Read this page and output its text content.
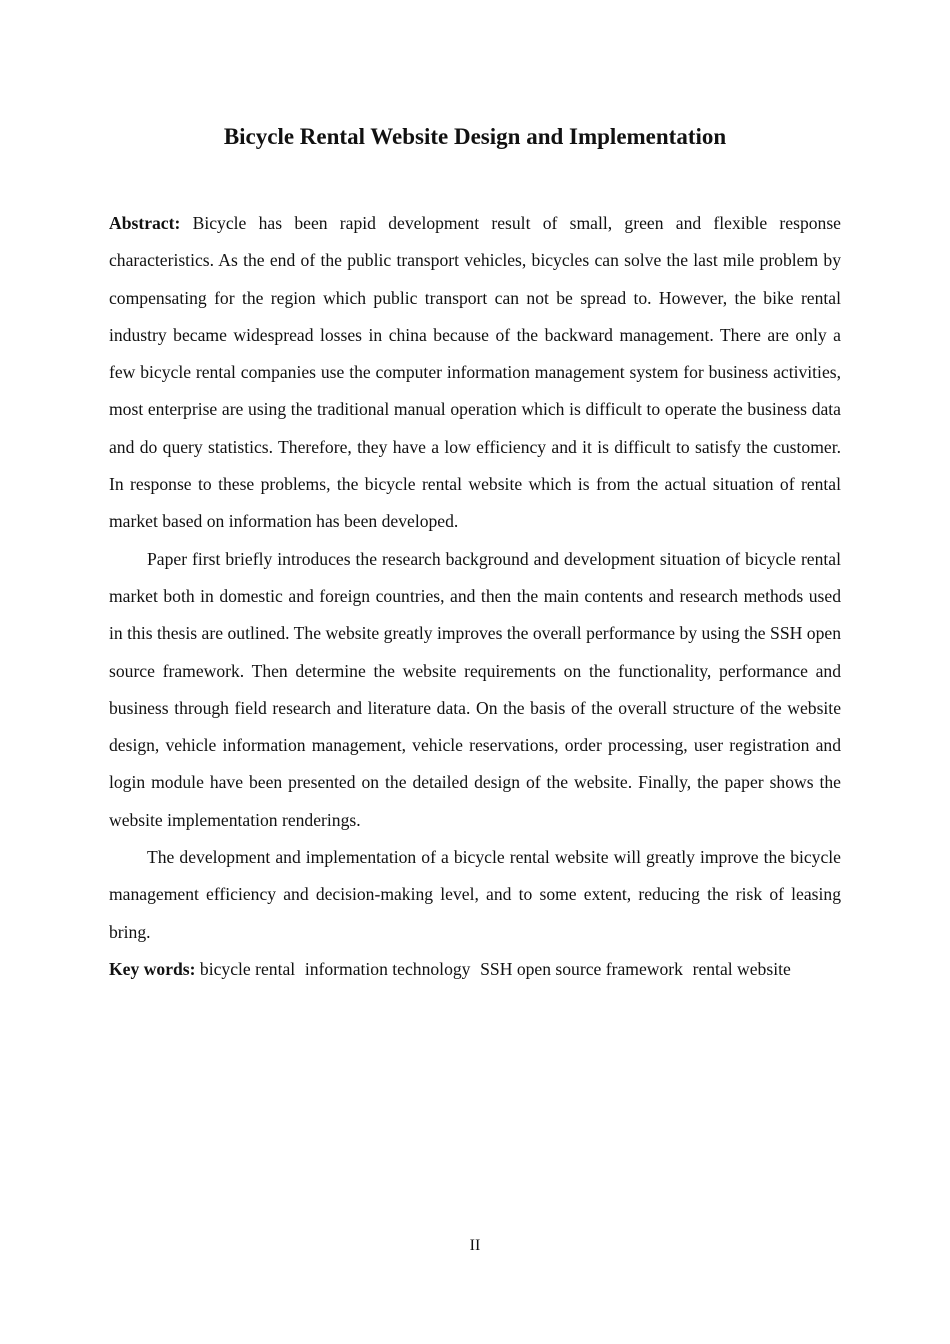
Bicycle Rental Website Design and Implementation

Abstract: Bicycle has been rapid development result of small, green and flexible response characteristics. As the end of the public transport vehicles, bicycles can solve the last mile problem by compensating for the region which public transport can not be spread to. However, the bike rental industry became widespread losses in china because of the backward management. There are only a few bicycle rental companies use the computer information management system for business activities, most enterprise are using the traditional manual operation which is difficult to operate the business data and do query statistics. Therefore, they have a low efficiency and it is difficult to satisfy the customer. In response to these problems, the bicycle rental website which is from the actual situation of rental market based on information has been developed.

Paper first briefly introduces the research background and development situation of bicycle rental market both in domestic and foreign countries, and then the main contents and research methods used in this thesis are outlined. The website greatly improves the overall performance by using the SSH open source framework. Then determine the website requirements on the functionality, performance and business through field research and literature data. On the basis of the overall structure of the website design, vehicle information management, vehicle reservations, order processing, user registration and login module have been presented on the detailed design of the website. Finally, the paper shows the website implementation renderings.

The development and implementation of a bicycle rental website will greatly improve the bicycle management efficiency and decision-making level, and to some extent, reducing the risk of leasing bring.

Key words: bicycle rental information technology SSH open source framework rental website

II
